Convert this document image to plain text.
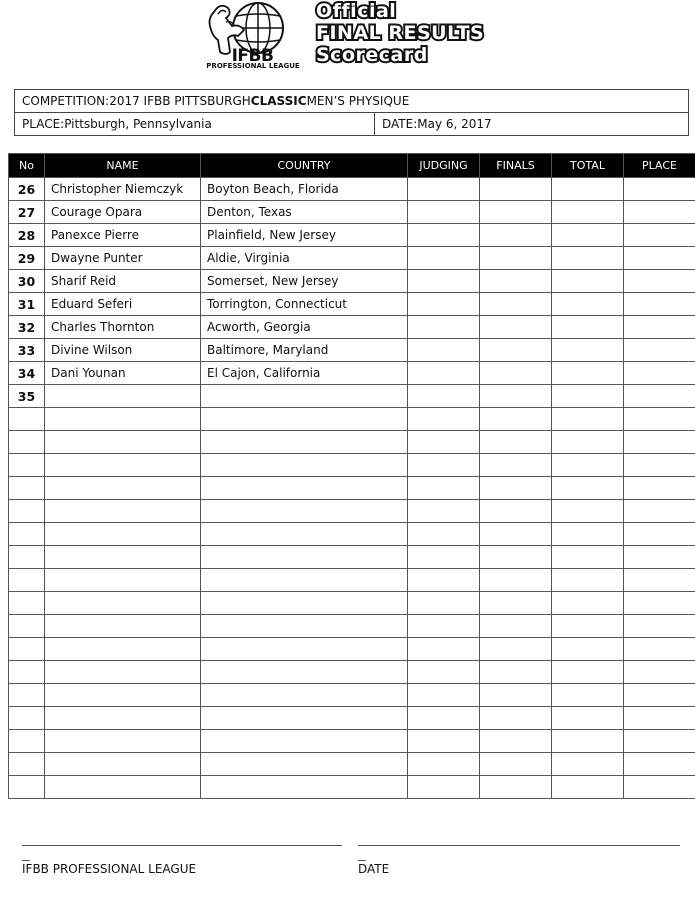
IFBB
PROFESSIONAL LEAGUE
Official
FINAL RESULTS
Scorecard
COMPETITION: 2017 IFBB PITTSBURGH CLASSIC MEN’S PHYSIQUE
PLACE: Pittsburgh, Pennsylvania	DATE: May 6, 2017
No	NAME	COUNTRY	JUDGING	FINALS	TOTAL	PLACE
26	Christopher Niemczyk	Boyton Beach, Florida				
27	Courage Opara	Denton, Texas				
28	Panexce Pierre	Plainfield, New Jersey				
29	Dwayne Punter	Aldie, Virginia				
30	Sharif Reid	Somerset, New Jersey				
31	Eduard Seferi	Torrington, Connecticut				
32	Charles Thornton	Acworth, Georgia				
33	Divine Wilson	Baltimore, Maryland				
34	Dani Younan	El Cajon, California				
35						

IFBB PROFESSIONAL LEAGUE	DATE
